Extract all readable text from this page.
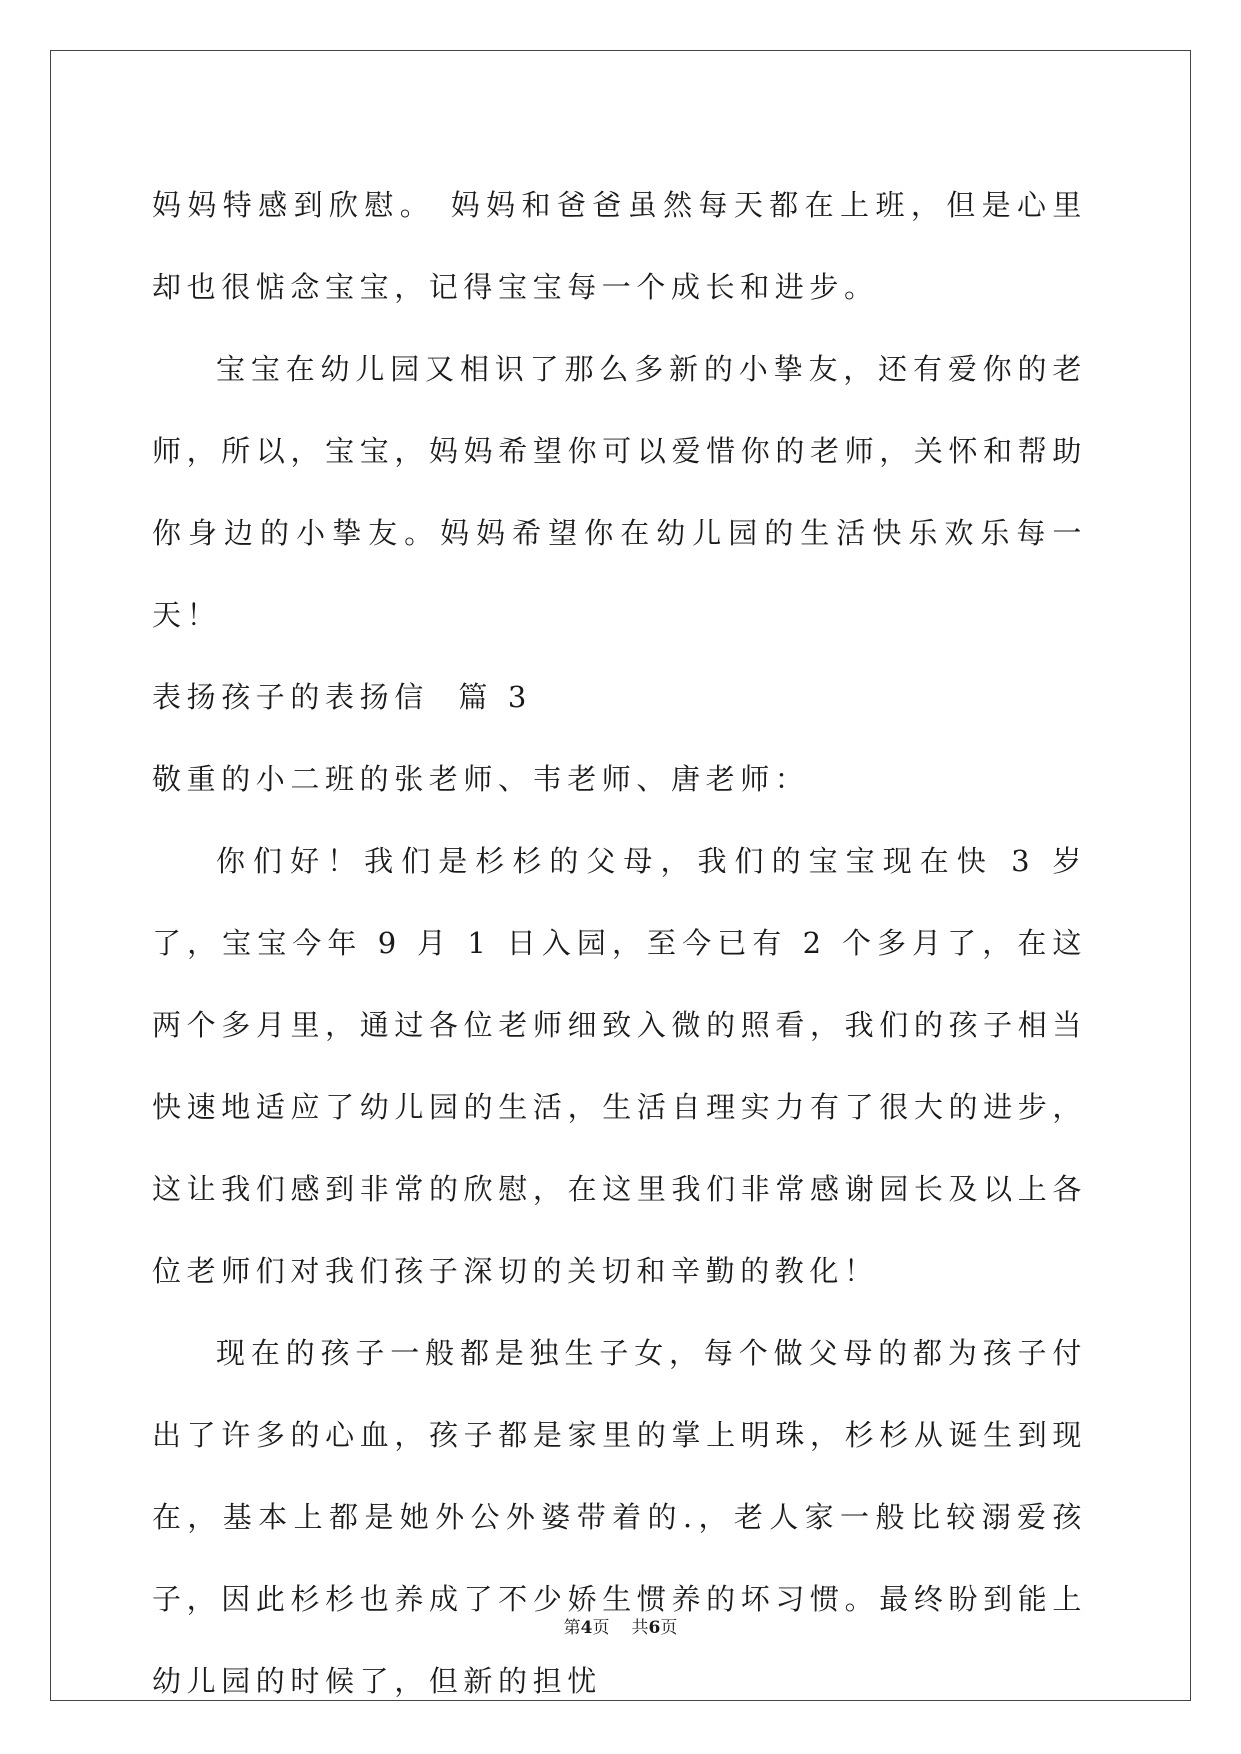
妈妈特感到欣慰。 妈妈和爸爸虽然每天都在上班，但是心里却也很惦念宝宝，记得宝宝每一个成长和进步。

宝宝在幼儿园又相识了那么多新的小挚友，还有爱你的老师，所以，宝宝，妈妈希望你可以爱惜你的老师，关怀和帮助你身边的小挚友。妈妈希望你在幼儿园的生活快乐欢乐每一天！

表扬孩子的表扬信  篇 3

敬重的小二班的张老师、韦老师、唐老师：

你们好！我们是杉杉的父母，我们的宝宝现在快 3 岁了，宝宝今年 9 月 1 日入园，至今已有 2 个多月了，在这两个多月里，通过各位老师细致入微的照看，我们的孩子相当快速地适应了幼儿园的生活，生活自理实力有了很大的进步，这让我们感到非常的欣慰，在这里我们非常感谢园长及以上各位老师们对我们孩子深切的关切和辛勤的教化！

现在的孩子一般都是独生子女，每个做父母的都为孩子付出了许多的心血，孩子都是家里的掌上明珠，杉杉从诞生到现在，基本上都是她外公外婆带着的.，老人家一般比较溺爱孩子，因此杉杉也养成了不少娇生惯养的坏习惯。最终盼到能上幼儿园的时候了，但新的担忧

第4页 共6页
